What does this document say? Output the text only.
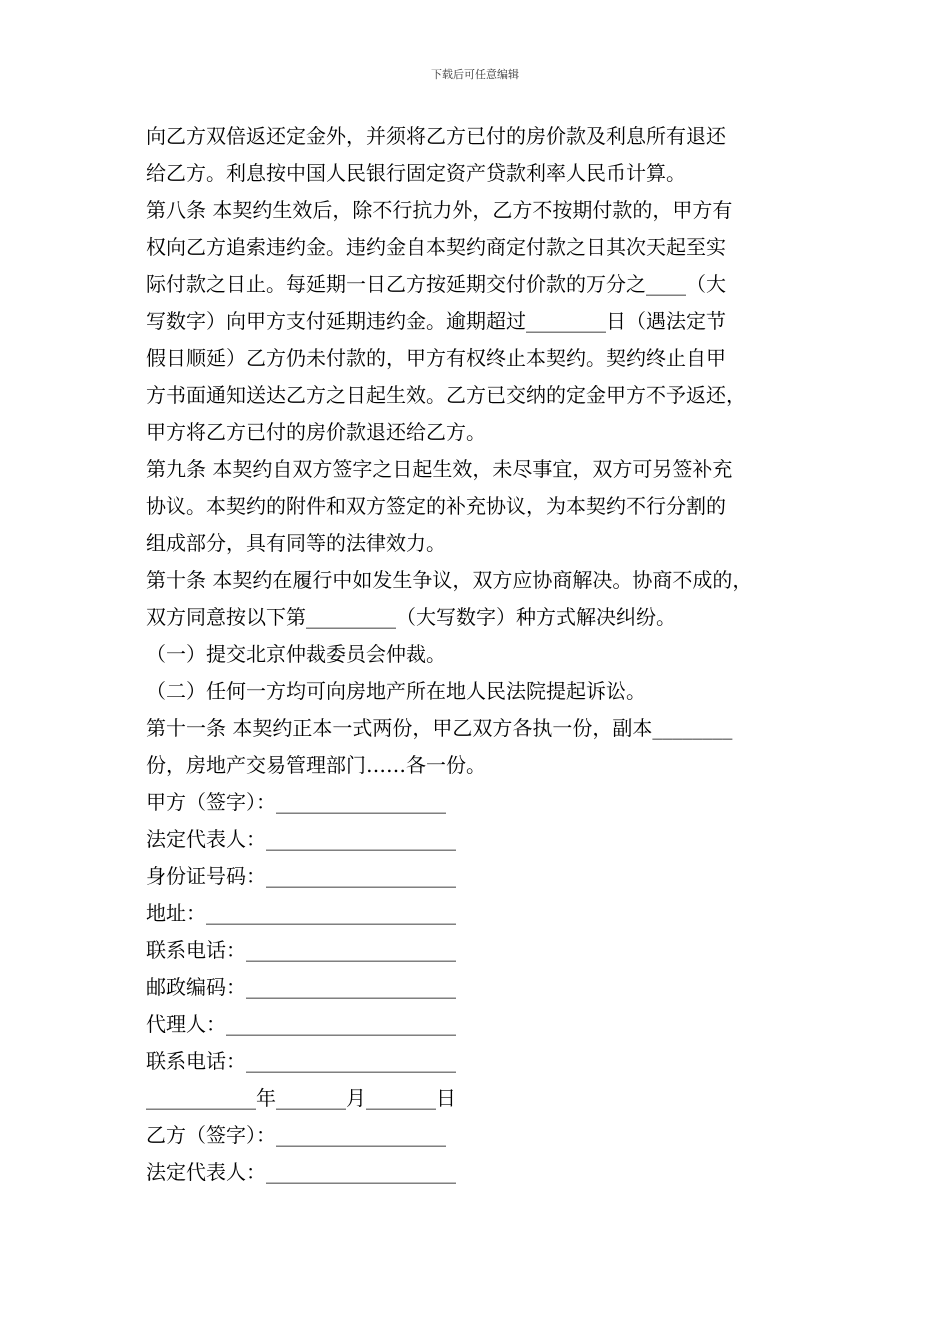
下载后可任意编辑
向乙方双倍返还定金外，并须将乙方已付的房价款及利息所有退还
给乙方。利息按中国人民银行固定资产贷款利率人民币计算。
第八条 本契约生效后，除不行抗力外，乙方不按期付款的，甲方有
权向乙方追索违约金。违约金自本契约商定付款之日其次天起至实
际付款之日止。每延期一日乙方按延期交付价款的万分之____（大
写数字）向甲方支付延期违约金。逾期超过________日（遇法定节
假日顺延）乙方仍未付款的，甲方有权终止本契约。契约终止自甲
方书面通知送达乙方之日起生效。乙方已交纳的定金甲方不予返还，
甲方将乙方已付的房价款退还给乙方。
第九条 本契约自双方签字之日起生效，未尽事宜，双方可另签补充
协议。本契约的附件和双方签定的补充协议，为本契约不行分割的
组成部分，具有同等的法律效力。
第十条 本契约在履行中如发生争议，双方应协商解决。协商不成的，
双方同意按以下第_________（大写数字）种方式解决纠纷。
（一）提交北京仲裁委员会仲裁。
（二）任何一方均可向房地产所在地人民法院提起诉讼。
第十一条 本契约正本一式两份，甲乙双方各执一份，副本________
份，房地产交易管理部门……各一份。
甲方（签字）：_________________
法定代表人：___________________
身份证号码：___________________
地址：_________________________
联系电话：_____________________
邮政编码：_____________________
代理人：_______________________
联系电话：_____________________
___________年_______月_______日
乙方（签字）：_________________
法定代表人：___________________
